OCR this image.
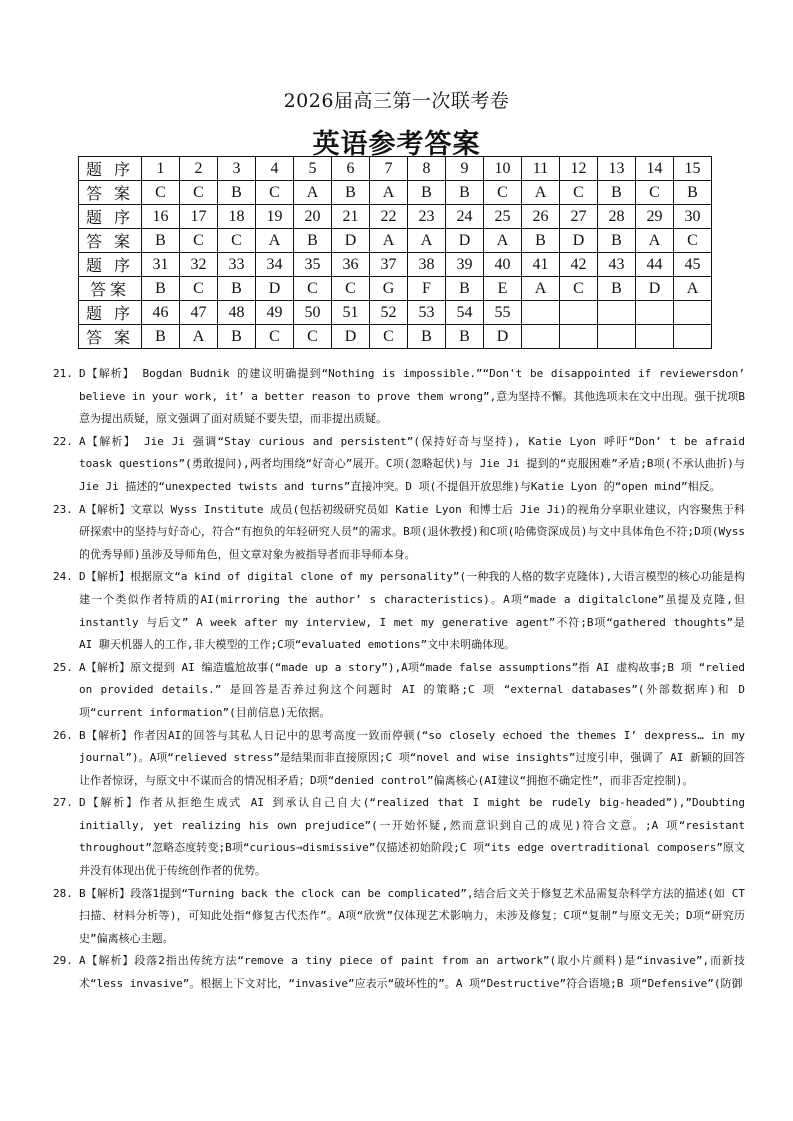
2026届高三第一次联考卷
英语参考答案
题 序	1	2	3	4	5	6	7	8	9	10	11	12	13	14	15
答 案	C	C	B	C	A	B	A	B	B	C	A	C	B	C	B
题 序	16	17	18	19	20	21	22	23	24	25	26	27	28	29	30
答 案	B	C	C	A	B	D	A	A	D	A	B	D	B	A	C
题 序	31	32	33	34	35	36	37	38	39	40	41	42	43	44	45
答案	B	C	B	D	C	C	G	F	B	E	A	C	B	D	A
题 序	46	47	48	49	50	51	52	53	54	55					
答 案	B	A	B	C	C	D	C	B	B	D					
21. D【解析】 Bogdan Budnik 的建议明确提到“Nothing is impossible.”“Don't be disappointed if reviewersdon’ believe in your work, it’ a better reason to prove them wrong”,意为坚持不懈。其他选项未在文中出现。强干扰项B意为提出质疑，原文强调了面对质疑不要失望，而非提出质疑。
22. A【解析】 Jie Ji 强调“Stay curious and persistent”(保持好奇与坚持), Katie Lyon 呼吁“Don’ t be afraid toask questions”(勇敢提问),两者均围绕“好奇心”展开。C项(忽略起伏)与 Jie Ji 提到的“克服困难”矛盾;B项(不承认曲折)与 Jie Ji 描述的“unexpected twists and turns”直接冲突。D 项(不提倡开放思维)与Katie Lyon 的“open mind”相反。
23. A【解析】文章以 Wyss Institute 成员(包括初级研究员如 Katie Lyon 和博士后 Jie Ji)的视角分享职业建议，内容聚焦于科研探索中的坚持与好奇心，符合“有抱负的年轻研究人员”的需求。B项(退休教授)和C项(哈佛资深成员)与文中具体角色不符;D项(Wyss的优秀导师)虽涉及导师角色，但文章对象为被指导者而非导师本身。
24. D【解析】根据原文“a kind of digital clone of my personality”(一种我的人格的数字克隆体),大语言模型的核心功能是构建一个类似作者特质的AI(mirroring the author’ s characteristics)。A项“made a digitalclone”虽提及克隆,但 instantly 与后文” A week after my interview, I met my generative agent”不符;B项“gathered thoughts”是 AI 聊天机器人的工作,非大模型的工作;C项“evaluated emotions”文中未明确体现。
25. A【解析】原文提到 AI 编造尴尬故事(“made up a story”),A项“made false assumptions”指 AI 虚构故事;B 项 “relied on provided details.” 是回答是否养过狗这个问题时 AI 的策略;C 项 “external databases”(外部数据库)和 D 项“current information”(目前信息)无依据。
26. B【解析】作者因AI的回答与其私人日记中的思考高度一致而停顿(“so closely echoed the themes I’ dexpress… in my journal”)。A项“relieved stress”是结果而非直接原因;C 项“novel and wise insights”过度引申，强调了 AI 新颖的回答让作者惊讶，与原文中不谋而合的情况相矛盾；D项“denied control”偏离核心(AI建议“拥抱不确定性”，而非否定控制)。
27. D【解析】作者从拒绝生成式 AI 到承认自己自大(“realized that I might be rudely big-headed”),”Doubting initially, yet realizing his own prejudice”(一开始怀疑,然而意识到自己的成见)符合文意。;A 项“resistant throughout”忽略态度转变;B项“curious→dismissive”仅描述初始阶段;C 项“its edge overtraditional composers”原文并没有体现出优于传统创作者的优势。
28. B【解析】段落1提到“Turning back the clock can be complicated”,结合后文关于修复艺术品需复杂科学方法的描述(如 CT 扫描、材料分析等)，可知此处指“修复古代杰作”。A项“欣赏”仅体现艺术影响力，未涉及修复；C项“复制”与原文无关；D项“研究历史”偏离核心主题。
29. A【解析】段落2指出传统方法“remove a tiny piece of paint from an artwork”(取小片颜料)是“invasive”,而新技术“less invasive”。根据上下文对比，“invasive”应表示“破坏性的”。A 项“Destructive”符合语境;B 项“Defensive”(防御
